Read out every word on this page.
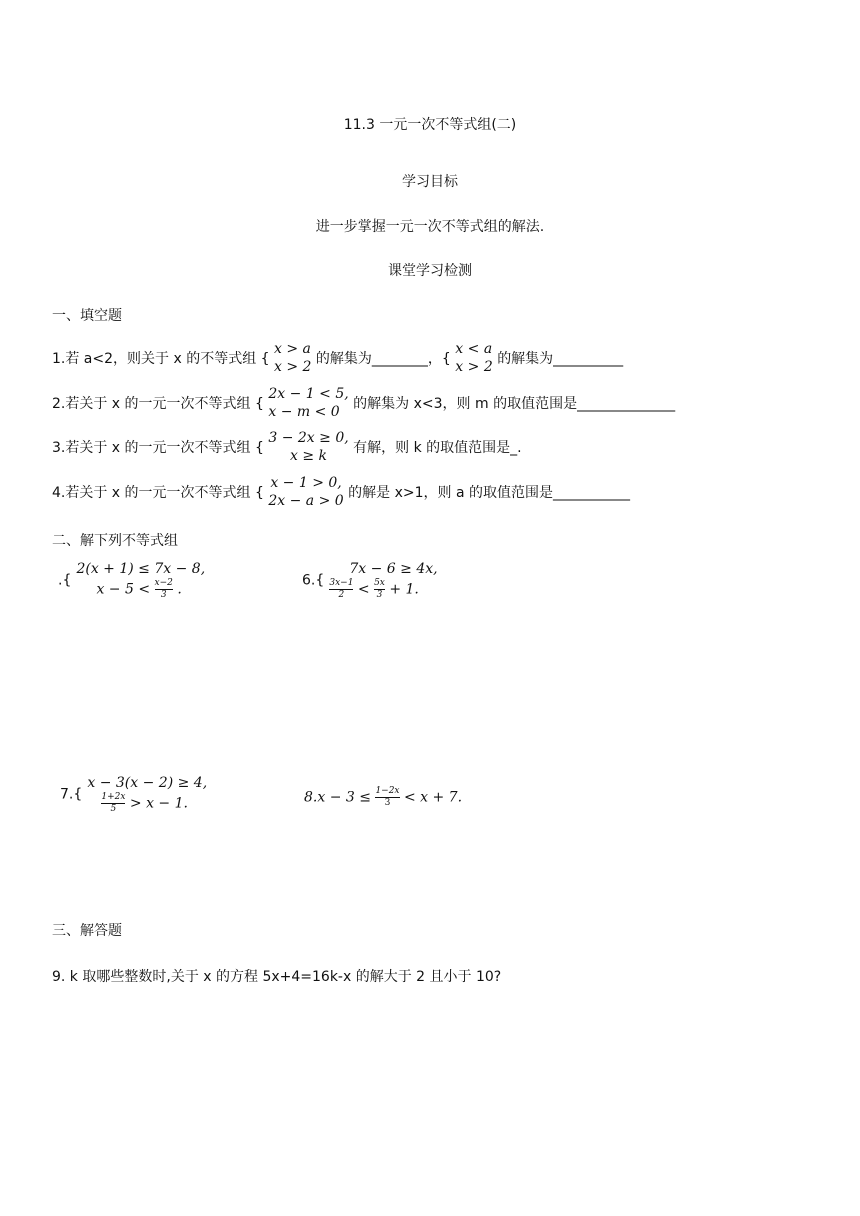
11.3 一元一次不等式组(二)
学习目标
进一步掌握一元一次不等式组的解法.
课堂学习检测
一、填空题
1.若 a<2，则关于 x 的不等式组 {
x > a
x > 2 的解集为________，{
x < a
x > 2 的解集为__________
2.若关于 x 的一元一次不等式组 {
2x − 1 < 5,
x − m < 0 的解集为 x<3，则 m 的取值范围是______________
3.若关于 x 的一元一次不等式组 {
3 − 2x ≥ 0,
x ≥ k	有解，则 k 的取值范围是_.
4.若关于 x 的一元一次不等式组 {
x − 1 > 0,
2x − a > 0 的解是 x>1，则 a 的取值范围是___________
二、解下列不等式组
.{
2(x + 1) ≤ 7x − 8,
$x - 5 < \frac{x-2}{3}$ .
6.{
7x − 6 ≥ 4x,
$\frac{3x-1}{2} < \frac{5x}{3} + 1$.
7.{
x − 3(x − 2) ≥ 4,
$\frac{1+2x}{5} > x - 1$.	$8.x - 3 \le \frac{1-2x}{3} < x + 7$.
三、解答题
9. k 取哪些整数时,关于 x 的方程 5x+4=16k-x 的解大于 2 且小于 10?
